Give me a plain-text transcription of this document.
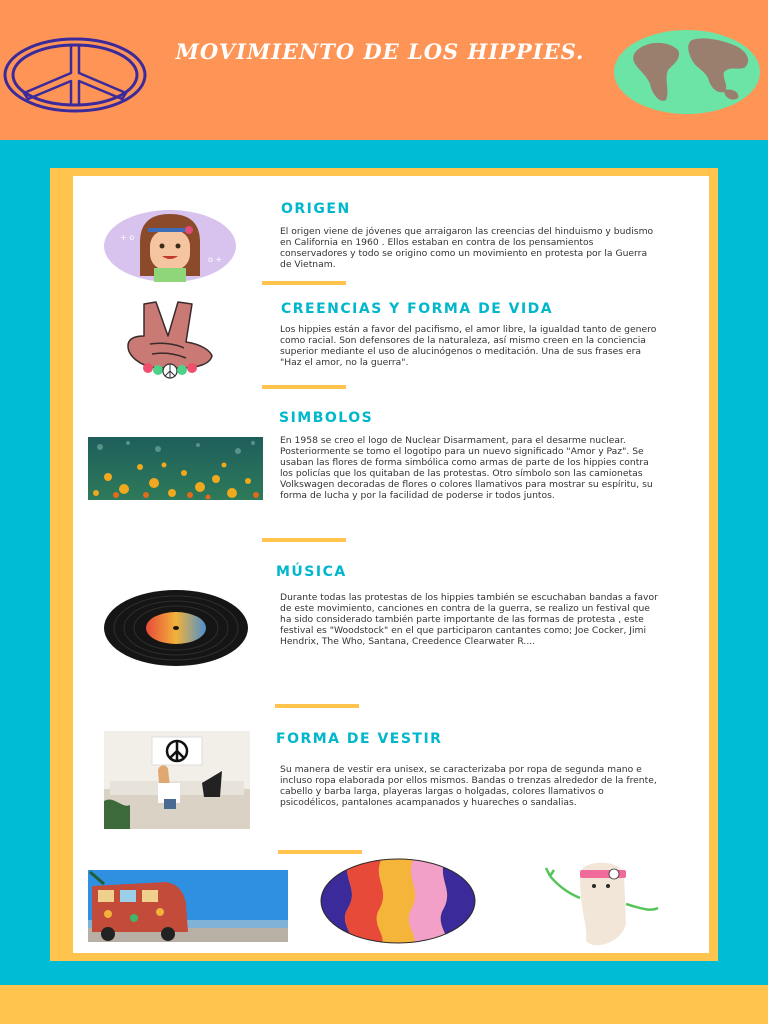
MOVIMIENTO DE LOS HIPPIES.
+ o
o +

ORIGEN

El origen viene de jóvenes que arraigaron las creencias del hinduismo y budismo en California en 1960 . Ellos estaban en contra de los pensamientos conservadores y todo se origino como un movimiento en protesta por la Guerra de Vietnam.

CREENCIAS Y FORMA DE VIDA

Los hippies están a favor del pacifismo, el amor libre, la igualdad tanto de genero como racial. Son defensores de la naturaleza, así mismo creen en la conciencia superior mediante el uso de alucinógenos o meditación. Una de sus frases era "Haz el amor, no la guerra".

SIMBOLOS

En 1958 se creo el logo de Nuclear Disarmament, para el desarme nuclear. Posteriormente se tomo el logotipo para un nuevo significado "Amor y Paz". Se usaban las flores de forma simbólica como armas de parte de los hippies contra los policías que los quitaban de las protestas. Otro símbolo son las camionetas Volkswagen decoradas de flores o colores llamativos para mostrar su espíritu, su forma de lucha y por la facilidad de poderse ir todos juntos.

MÚSICA

Durante todas las protestas de los hippies también se escuchaban bandas a favor de este movimiento, canciones en contra de la guerra, se realizo un festival que ha sido considerado también parte importante de las formas de protesta , este festival es "Woodstock" en el que participaron cantantes como; Joe Cocker, Jimi Hendrix, The Who, Santana, Creedence Clearwater R....

FORMA DE VESTIR

Su manera de vestir era unisex, se caracterizaba por ropa de segunda mano e incluso ropa elaborada por ellos mismos. Bandas o trenzas alrededor de la frente, cabello y barba larga, playeras largas o holgadas, colores llamativos o psicodélicos, pantalones acampanados y huareches o sandalias.
